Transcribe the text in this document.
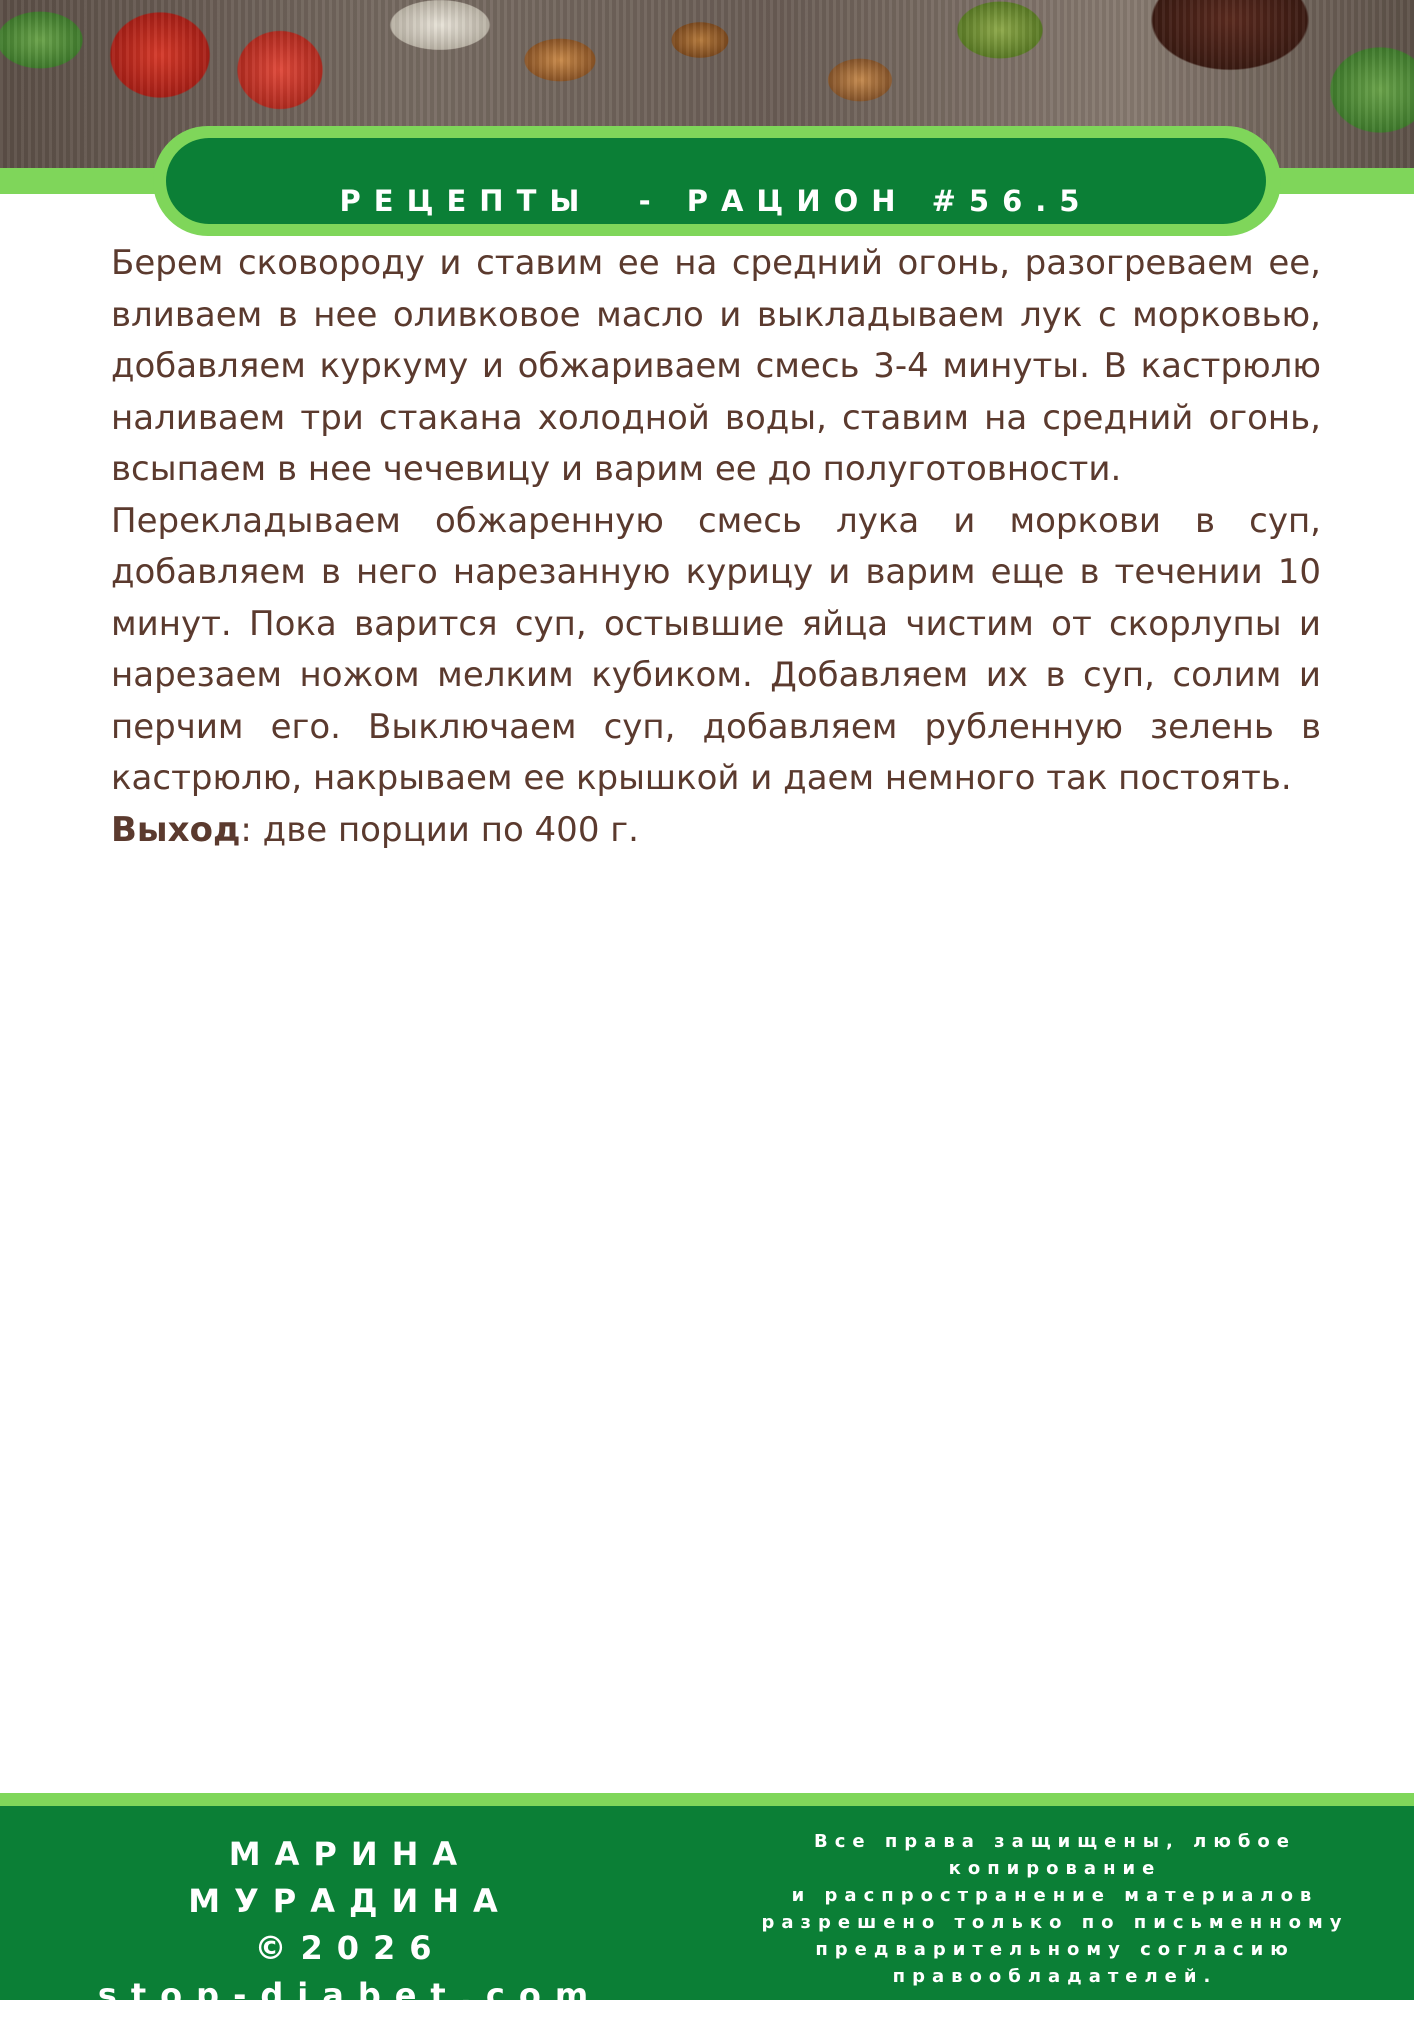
РЕЦЕПТЫ  - РАЦИОН #56.5

Берем сковороду и ставим ее на средний огонь, разогреваем ее, вливаем в нее оливковое масло и выкладываем лук с морковью, добавляем куркуму и обжариваем смесь 3-4 минуты. В кастрюлю наливаем три стакана холодной воды, ставим на средний огонь, всыпаем в нее чечевицу и варим ее до полуготовности.

Перекладываем обжаренную смесь лука и моркови в суп, добавляем в него нарезанную курицу и варим еще в течении 10 минут. Пока варится суп, остывшие яйца чистим от скорлупы и нарезаем ножом мелким кубиком. Добавляем их в суп, солим и перчим его. Выключаем суп, добавляем рубленную зелень в кастрюлю, накрываем ее крышкой и даем немного так постоять.

Выход: две порции по 400 г.

МАРИНА МУРАДИНА
©2026
stop-diabet.com
Все права защищены, любое
копирование
и распространение материалов
разрешено только по письменному
предварительному согласию
правообладателей.
